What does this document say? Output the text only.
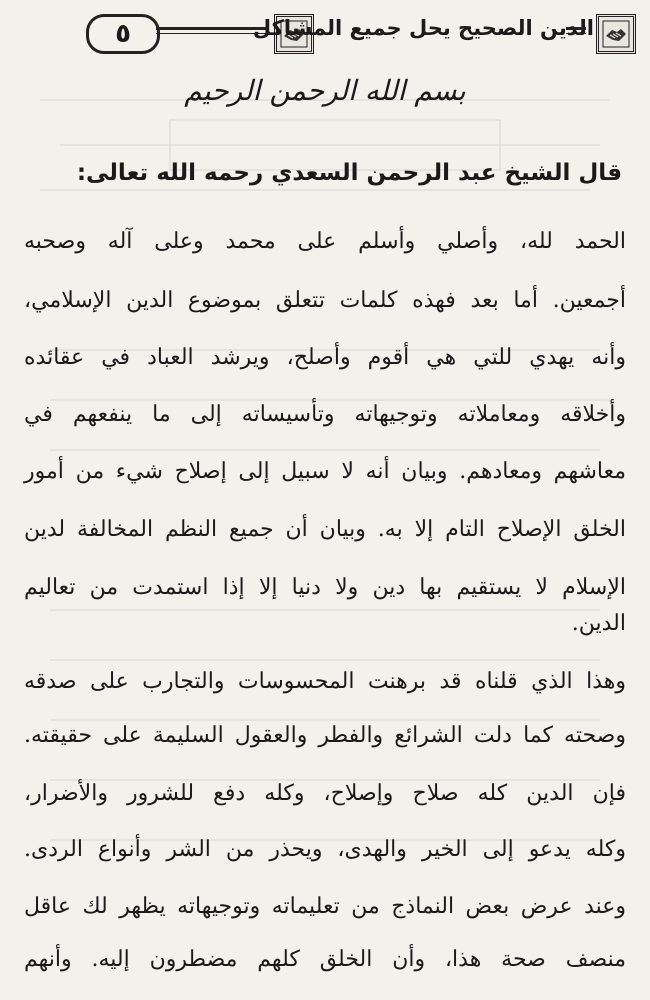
٥	الدين الصحيح يحل جميع المشاكل
بسم الله الرحمن الرحيم
قال الشيخ عبد الرحمن السعدي رحمه الله تعالى:
الحمد لله، وأصلي وأسلم على محمد وعلى آله وصحبه
أجمعين. أما بعد فهذه كلمات تتعلق بموضوع الدين الإسلامي،
وأنه يهدي للتي هي أقوم وأصلح، ويرشد العباد في عقائده
وأخلاقه ومعاملاته وتوجيهاته وتأسيساته إلى ما ينفعهم في
معاشهم ومعادهم. وبيان أنه لا سبيل إلى إصلاح شيء من أمور
الخلق الإصلاح التام إلا به. وبيان أن جميع النظم المخالفة لدين
الإسلام لا يستقيم بها دين ولا دنيا إلا إذا استمدت من تعاليم
الدين.
وهذا الذي قلناه قد برهنت المحسوسات والتجارب على صدقه
وصحته كما دلت الشرائع والفطر والعقول السليمة على حقيقته.
فإن الدين كله صلاح وإصلاح، وكله دفع للشرور والأضرار،
وكله يدعو إلى الخير والهدى، ويحذر من الشر وأنواع الردى.
وعند عرض بعض النماذج من تعليماته وتوجيهاته يظهر لك عاقل
منصف صحة هذا، وأن الخلق كلهم مضطرون إليه. وأنهم
